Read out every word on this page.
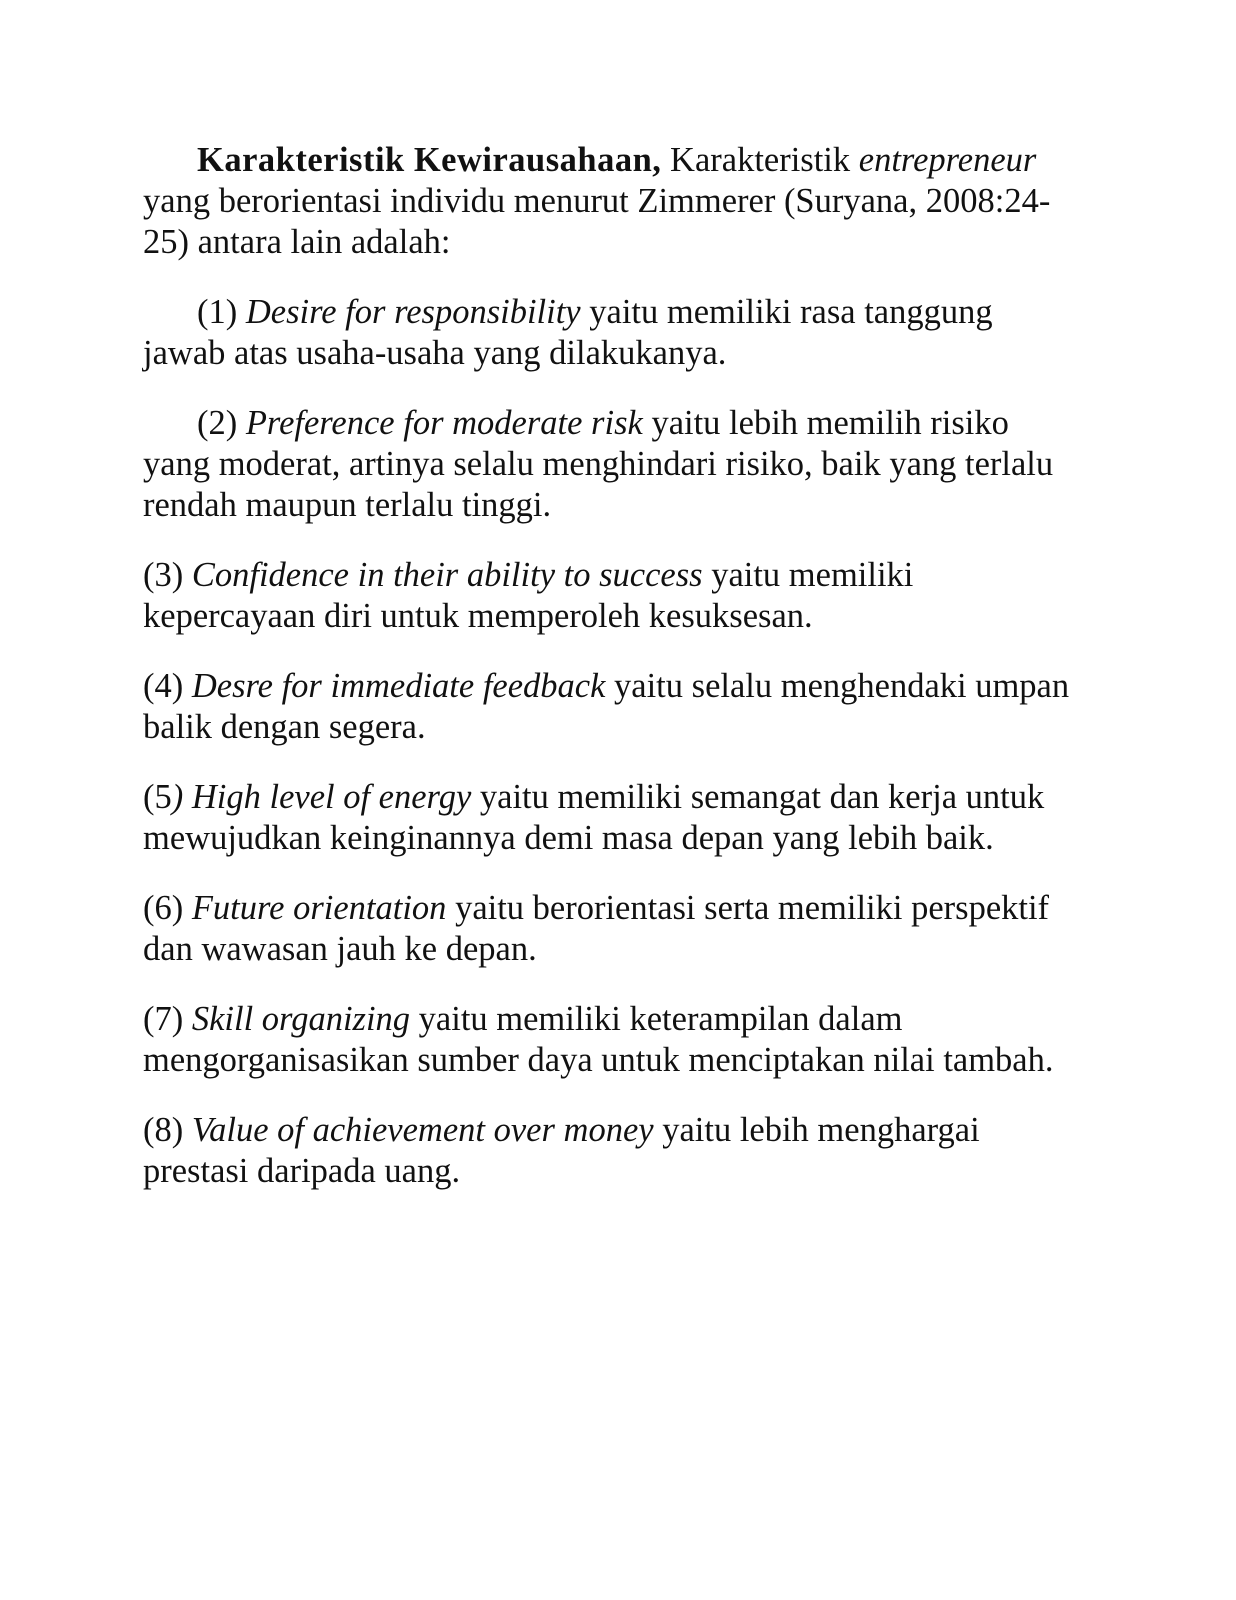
Karakteristik Kewirausahaan, Karakteristik entrepreneur yang berorientasi individu menurut Zimmerer (Suryana, 2008:24-25) antara lain adalah:

(1) Desire for responsibility yaitu memiliki rasa tanggung jawab atas usaha-usaha yang dilakukanya.

(2) Preference for moderate risk yaitu lebih memilih risiko yang moderat, artinya selalu menghindari risiko, baik yang terlalu rendah maupun terlalu tinggi.

(3) Confidence in their ability to success yaitu memiliki kepercayaan diri untuk memperoleh kesuksesan.

(4) Desre for immediate feedback yaitu selalu menghendaki umpan balik dengan segera.

(5) High level of energy yaitu memiliki semangat dan kerja untuk mewujudkan keinginannya demi masa depan yang lebih baik.

(6) Future orientation yaitu berorientasi serta memiliki perspektif dan wawasan jauh ke depan.

(7) Skill organizing yaitu memiliki keterampilan dalam mengorganisasikan sumber daya untuk menciptakan nilai tambah.

(8) Value of achievement over money yaitu lebih menghargai prestasi daripada uang.
